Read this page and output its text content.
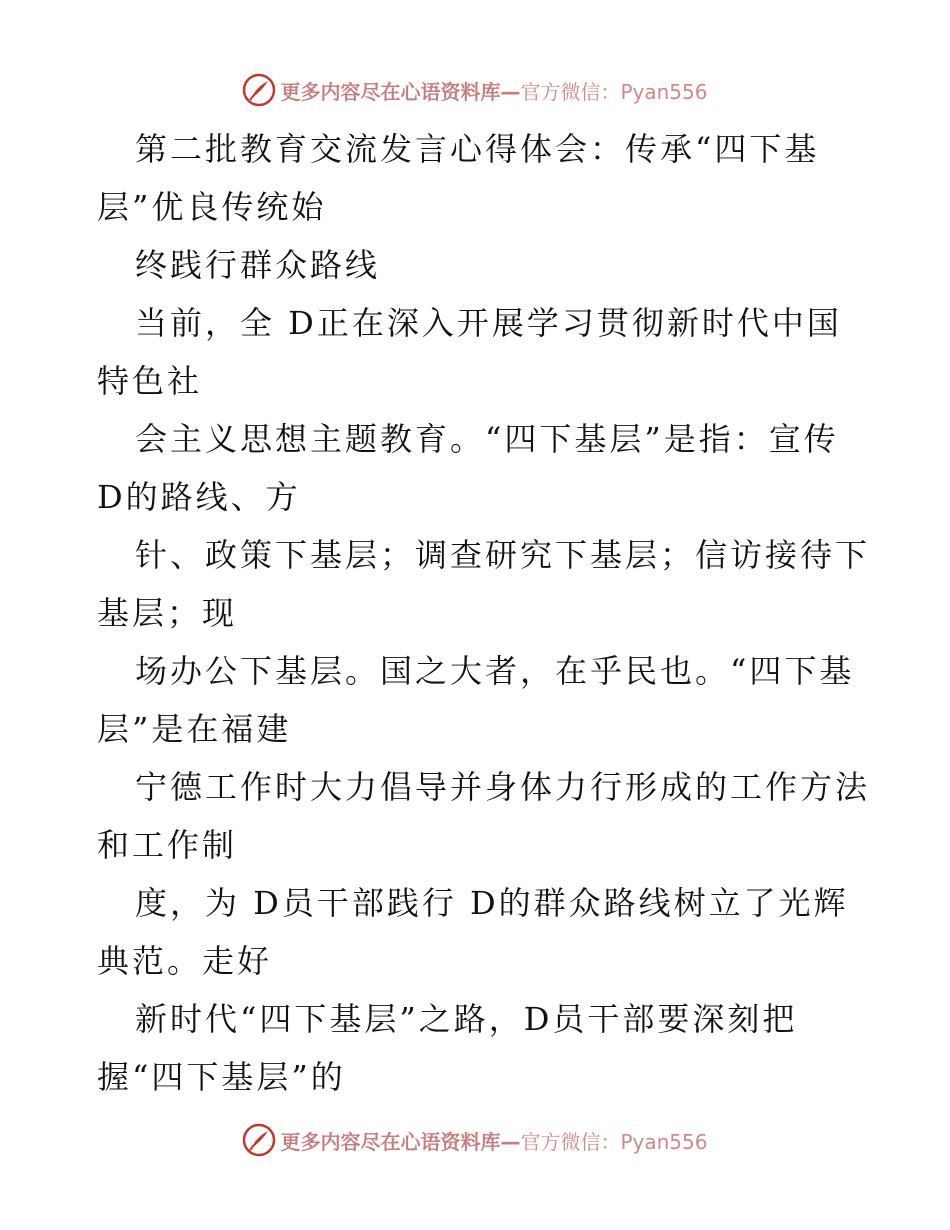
更多内容尽在心语资料库—官方微信：Pyan556
第二批教育交流发言心得体会：传承“四下基
层”优良传统始
终践行群众路线
当前，全 D正在深入开展学习贯彻新时代中国
特色社
会主义思想主题教育。“四下基层”是指：宣传
D的路线、方
针、政策下基层；调查研究下基层；信访接待下
基层；现
场办公下基层。国之大者，在乎民也。“四下基
层”是在福建
宁德工作时大力倡导并身体力行形成的工作方法
和工作制
度，为 D员干部践行 D的群众路线树立了光辉
典范。走好
新时代“四下基层”之路，D员干部要深刻把
握“四下基层”的
更多内容尽在心语资料库—官方微信：Pyan556
